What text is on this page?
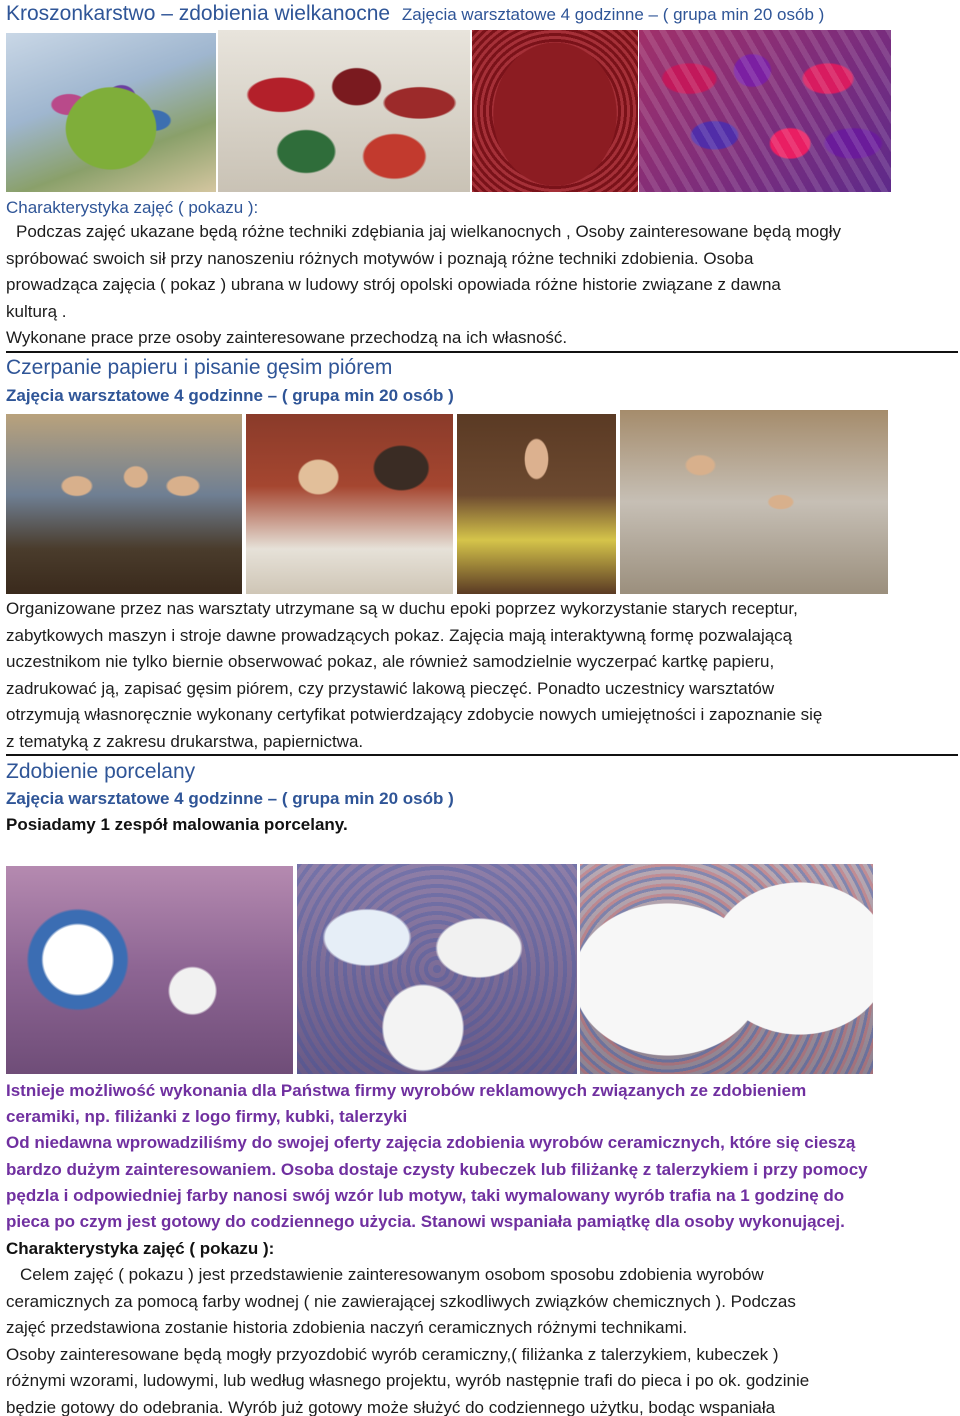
Kroszonkarstwo – zdobienia wielkanocne Zajęcia warsztatowe 4 godzinne – ( grupa min 20 osób )
Charakterystyka zajęć ( pokazu ):
Podczas zajęć ukazane będą różne techniki zdębiania jaj wielkanocnych , Osoby zainteresowane będą mogły
spróbować swoich sił przy nanoszeniu różnych motywów i poznają różne techniki zdobienia. Osoba
prowadząca zajęcia ( pokaz ) ubrana w ludowy strój opolski opowiada różne historie związane z dawna
kulturą .
Wykonane prace prze osoby zainteresowane przechodzą na ich własność.
Czerpanie papieru i pisanie gęsim piórem
Zajęcia warsztatowe 4 godzinne – ( grupa min 20 osób )
Organizowane przez nas warsztaty utrzymane są w duchu epoki poprzez wykorzystanie starych receptur,
zabytkowych maszyn i stroje dawne prowadzących pokaz. Zajęcia mają interaktywną formę pozwalającą
uczestnikom nie tylko biernie obserwować pokaz, ale również samodzielnie wyczerpać kartkę papieru,
zadrukować ją, zapisać gęsim piórem, czy przystawić lakową pieczęć. Ponadto uczestnicy warsztatów
otrzymują własnoręcznie wykonany certyfikat potwierdzający zdobycie nowych umiejętności i zapoznanie się
z tematyką z zakresu drukarstwa, papiernictwa.
Zdobienie porcelany
Zajęcia warsztatowe 4 godzinne – ( grupa min 20 osób )
Posiadamy 1 zespół malowania porcelany.
Istnieje możliwość wykonania dla Państwa firmy wyrobów reklamowych związanych ze zdobieniem
ceramiki, np. filiżanki z logo firmy, kubki, talerzyki
Od niedawna wprowadziliśmy do swojej oferty zajęcia zdobienia wyrobów ceramicznych, które się cieszą
bardzo dużym zainteresowaniem. Osoba dostaje czysty kubeczek lub filiżankę z talerzykiem i przy pomocy
pędzla i odpowiedniej farby nanosi swój wzór lub motyw, taki wymalowany wyrób trafia na 1 godzinę do
pieca po czym jest gotowy do codziennego użycia. Stanowi wspaniała pamiątkę dla osoby wykonującej.
Charakterystyka zajęć ( pokazu ):
Celem zajęć ( pokazu ) jest przedstawienie zainteresowanym osobom sposobu zdobienia wyrobów
ceramicznych za pomocą farby wodnej ( nie zawierającej szkodliwych związków chemicznych ). Podczas
zajęć przedstawiona zostanie historia zdobienia naczyń ceramicznych różnymi technikami.
Osoby zainteresowane będą mogły przyozdobić wyrób ceramiczny,( filiżanka z talerzykiem, kubeczek )
różnymi wzorami, ludowymi, lub według własnego projektu, wyrób następnie trafi do pieca i po ok. godzinie
będzie gotowy do odebrania. Wyrób już gotowy może służyć do codziennego użytku, bodąc wspaniała
